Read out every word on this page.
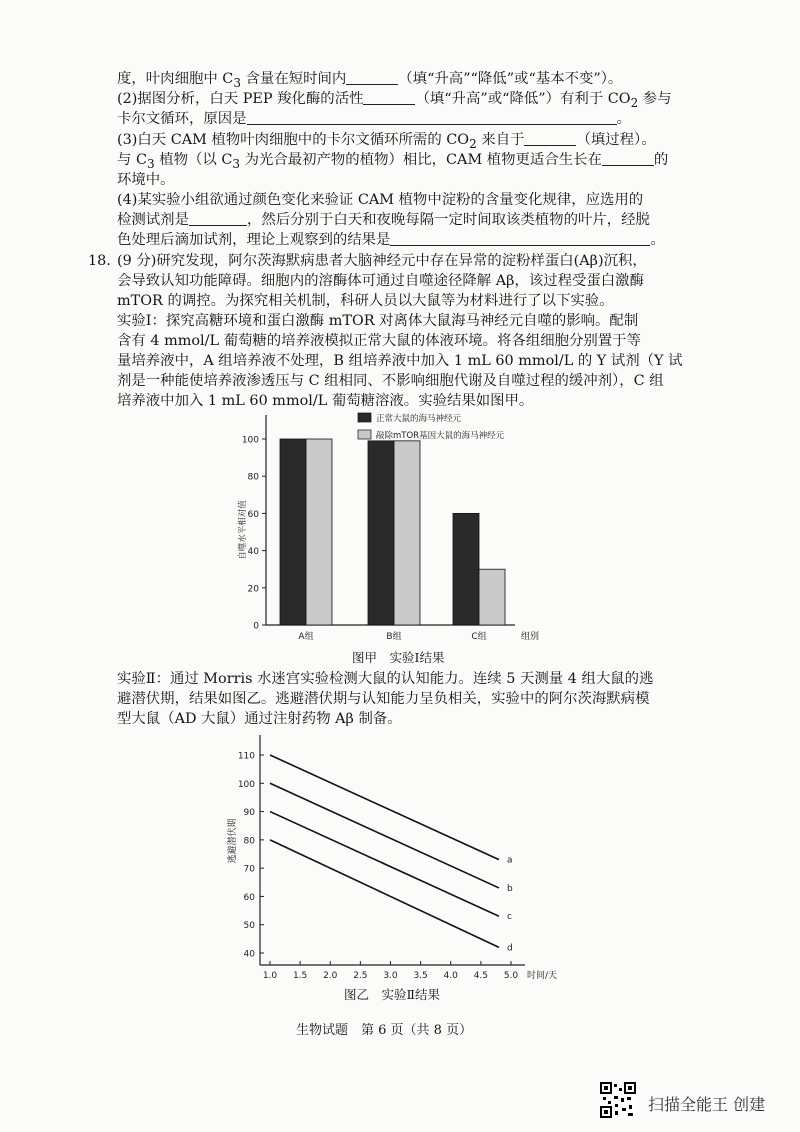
度，叶肉细胞中 $C_3$ 含量在短时间内	（填“升高”“降低”或“基本不变”）。
(2)据图分析，白天 PEP 羧化酶的活性	（填“升高”或“降低”）有利于 $CO_2$ 参与
卡尔文循环，原因是	。
(3)白天 CAM 植物叶肉细胞中的卡尔文循环所需的 $CO_2$ 来自于	（填过程）。
与 $C_3$ 植物（以 $C_3$ 为光合最初产物的植物）相比，CAM 植物更适合生长在	的
环境中。
(4)某实验小组欲通过颜色变化来验证 CAM 植物中淀粉的含量变化规律，应选用的
检测试剂是	，然后分别于白天和夜晚每隔一定时间取该类植物的叶片，经脱
色处理后滴加试剂，理论上观察到的结果是	。
18. (9 分)研究发现，阿尔茨海默病患者大脑神经元中存在异常的淀粉样蛋白(Aβ)沉积，
会导致认知功能障碍。细胞内的溶酶体可通过自噬途径降解 Aβ，该过程受蛋白激酶
mTOR 的调控。为探究相关机制，科研人员以大鼠等为材料进行了以下实验。
实验Ⅰ：探究高糖环境和蛋白激酶 mTOR 对离体大鼠海马神经元自噬的影响。配制
含有 4 mmol/L 葡萄糖的培养液模拟正常大鼠的体液环境。将各组细胞分别置于等
量培养液中，A 组培养液不处理，B 组培养液中加入 1 mL 60 mmol/L 的 Y 试剂（Y 试
剂是一种能使培养液渗透压与 C 组相同、不影响细胞代谢及自噬过程的缓冲剂），C 组
培养液中加入 1 mL 60 mmol/L 葡萄糖溶液。实验结果如图甲。
0
20
40
60
80
100
自噬水平相对值
A组	B组	C组	组别
正常大鼠的海马神经元
敲除mTOR基因大鼠的海马神经元
图甲　实验Ⅰ结果
实验Ⅱ：通过 Morris 水迷宫实验检测大鼠的认知能力。连续 5 天测量 4 组大鼠的逃
避潜伏期，结果如图乙。逃避潜伏期与认知能力呈负相关，实验中的阿尔茨海默病模
型大鼠（AD 大鼠）通过注射药物 Aβ 制备。
40
50
60
70
80
90
100
110
1.0 1.5 2.0 2.5 3.0 3.5 4.0 4.5 5.0 时间/天
逃避潜伏期	a
b
c
d
图乙　实验Ⅱ结果
生物试题　第 6 页（共 8 页）
扫描全能王 创建
